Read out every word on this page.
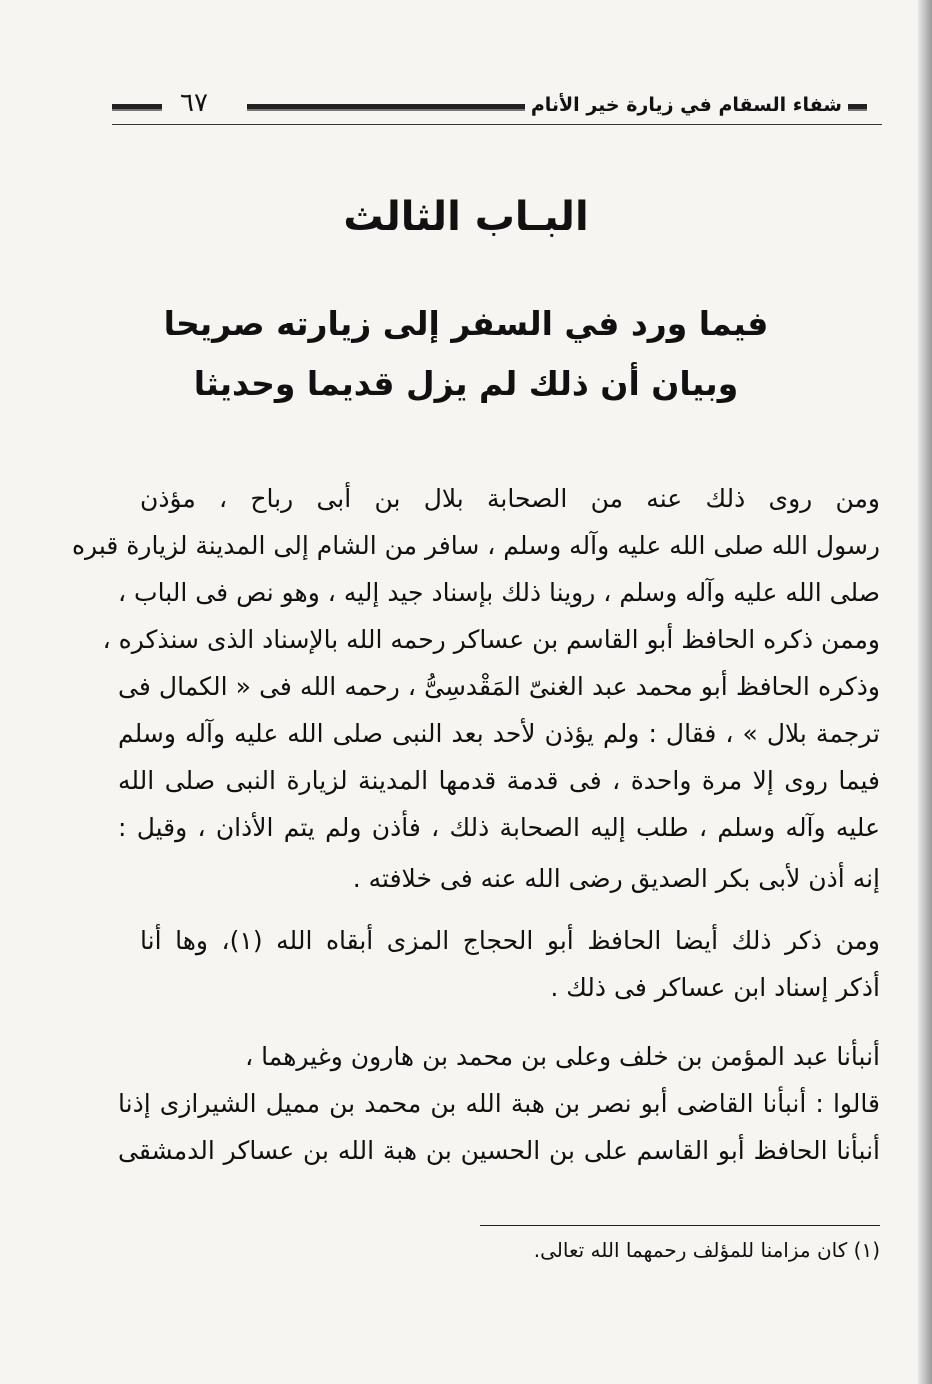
شفاء السقام في زيارة خير الأنام
٦٧
البـاب الثالث
فيما ورد في السفر إلى زيارته صريحا
وبيان أن ذلك لم يزل قديما وحديثا
ومن روى ذلك عنه من الصحابة بلال بن أبى رباح ، مؤذن
رسول الله صلى الله عليه وآله وسلم ، سافر من الشام إلى المدينة لزيارة قبره
صلى الله عليه وآله وسلم ، روينا ذلك بإسناد جيد إليه ، وهو نص فى الباب ،
وممن ذكره الحافظ أبو القاسم بن عساكر رحمه الله بالإسناد الذى سنذكره ،
وذكره الحافظ أبو محمد عبد الغنىّ المَقْدسِىُّ ، رحمه الله فى « الكمال فى
ترجمة بلال » ، فقال : ولم يؤذن لأحد بعد النبى صلى الله عليه وآله وسلم
فيما روى إلا مرة واحدة ، فى قدمة قدمها المدينة لزيارة النبى صلى الله
عليه وآله وسلم ، طلب إليه الصحابة ذلك ، فأذن ولم يتم الأذان ، وقيل :
إنه أذن لأبى بكر الصديق رضى الله عنه فى خلافته .
ومن ذكر ذلك أيضا الحافظ أبو الحجاج المزى أبقاه الله (١)، وها أنا
أذكر إسناد ابن عساكر فى ذلك .
أنبأنا عبد المؤمن بن خلف وعلى بن محمد بن هارون وغيرهما ،
قالوا : أنبأنا القاضى أبو نصر بن هبة الله بن محمد بن مميل الشيرازى إذنا
أنبأنا الحافظ أبو القاسم على بن الحسين بن هبة الله بن عساكر الدمشقى
(١) كان مزامنا للمؤلف رحمهما الله تعالى.
